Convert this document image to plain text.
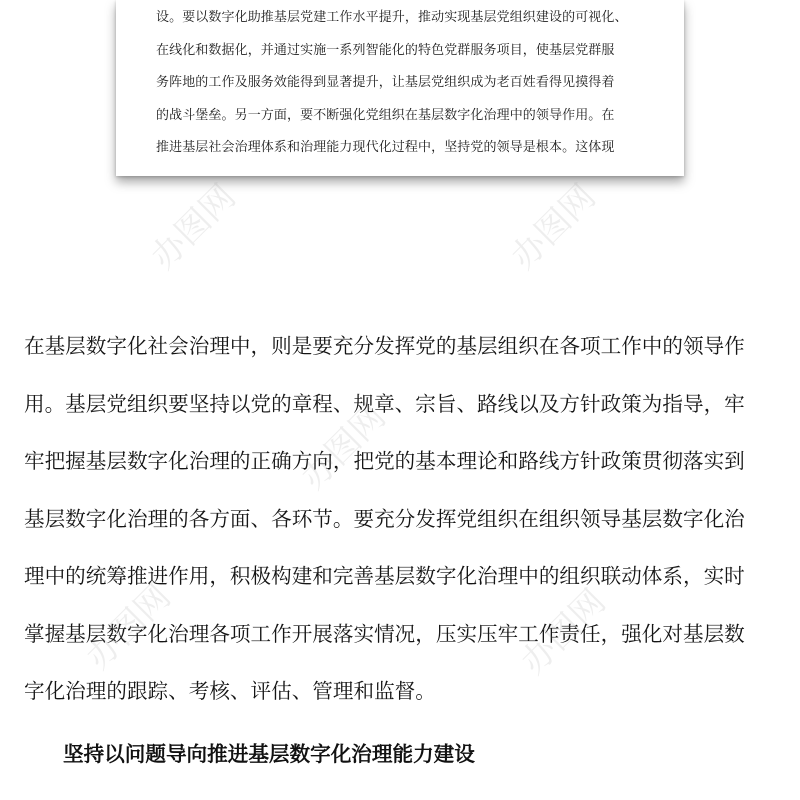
设。要以数字化助推基层党建工作水平提升，推动实现基层党组织建设的可视化、
在线化和数据化，并通过实施一系列智能化的特色党群服务项目，使基层党群服
务阵地的工作及服务效能得到显著提升，让基层党组织成为老百姓看得见摸得着
的战斗堡垒。另一方面，要不断强化党组织在基层数字化治理中的领导作用。在
推进基层社会治理体系和治理能力现代化过程中，坚持党的领导是根本。这体现
在基层数字化社会治理中，则是要充分发挥党的基层组织在各项工作中的领导作
用。基层党组织要坚持以党的章程、规章、宗旨、路线以及方针政策为指导，牢
牢把握基层数字化治理的正确方向，把党的基本理论和路线方针政策贯彻落实到
基层数字化治理的各方面、各环节。要充分发挥党组织在组织领导基层数字化治
理中的统筹推进作用，积极构建和完善基层数字化治理中的组织联动体系，实时
掌握基层数字化治理各项工作开展落实情况，压实压牢工作责任，强化对基层数
字化治理的跟踪、考核、评估、管理和监督。
坚持以问题导向推进基层数字化治理能力建设
办图网	办图网
办图网
办图网	办图网
